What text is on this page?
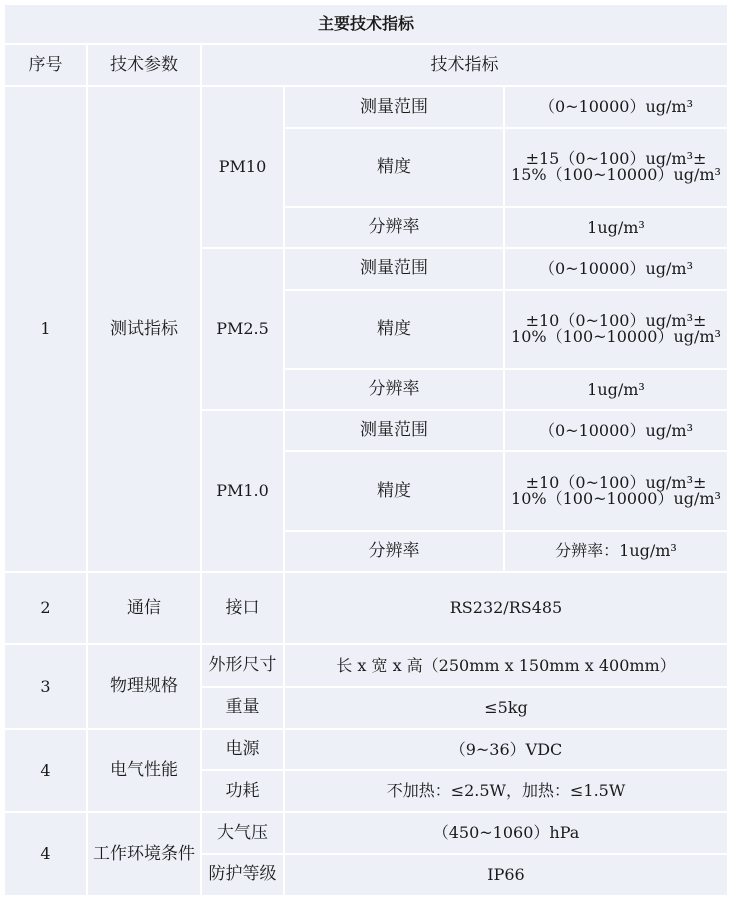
主要技术指标				
序号	技术参数	技术指标		
1	测试指标	PM10	测量范围	（0~10000）ug/m³
			精度	±15（0~100）ug/m³±
15%（100~10000）ug/m³

			分辨率	1ug/m³
		PM2.5	测量范围	（0~10000）ug/m³
			精度	±10（0~100）ug/m³±
10%（100~10000）ug/m³

			分辨率	1ug/m³
		PM1.0	测量范围	（0~10000）ug/m³
			精度	±10（0~100）ug/m³±
10%（100~10000）ug/m³

			分辨率	分辨率：1ug/m³
2	通信	接口	RS232/RS485	
3	物理规格	外形尺寸	长 x 宽 x 高（250mm x 150mm x 400mm）	
		重量	≤5kg	
4	电气性能	电源	（9~36）VDC	
		功耗	不加热：≤2.5W，加热：≤1.5W	
4	工作环境条件	大气压	（450~1060）hPa	
		防护等级	IP66	
